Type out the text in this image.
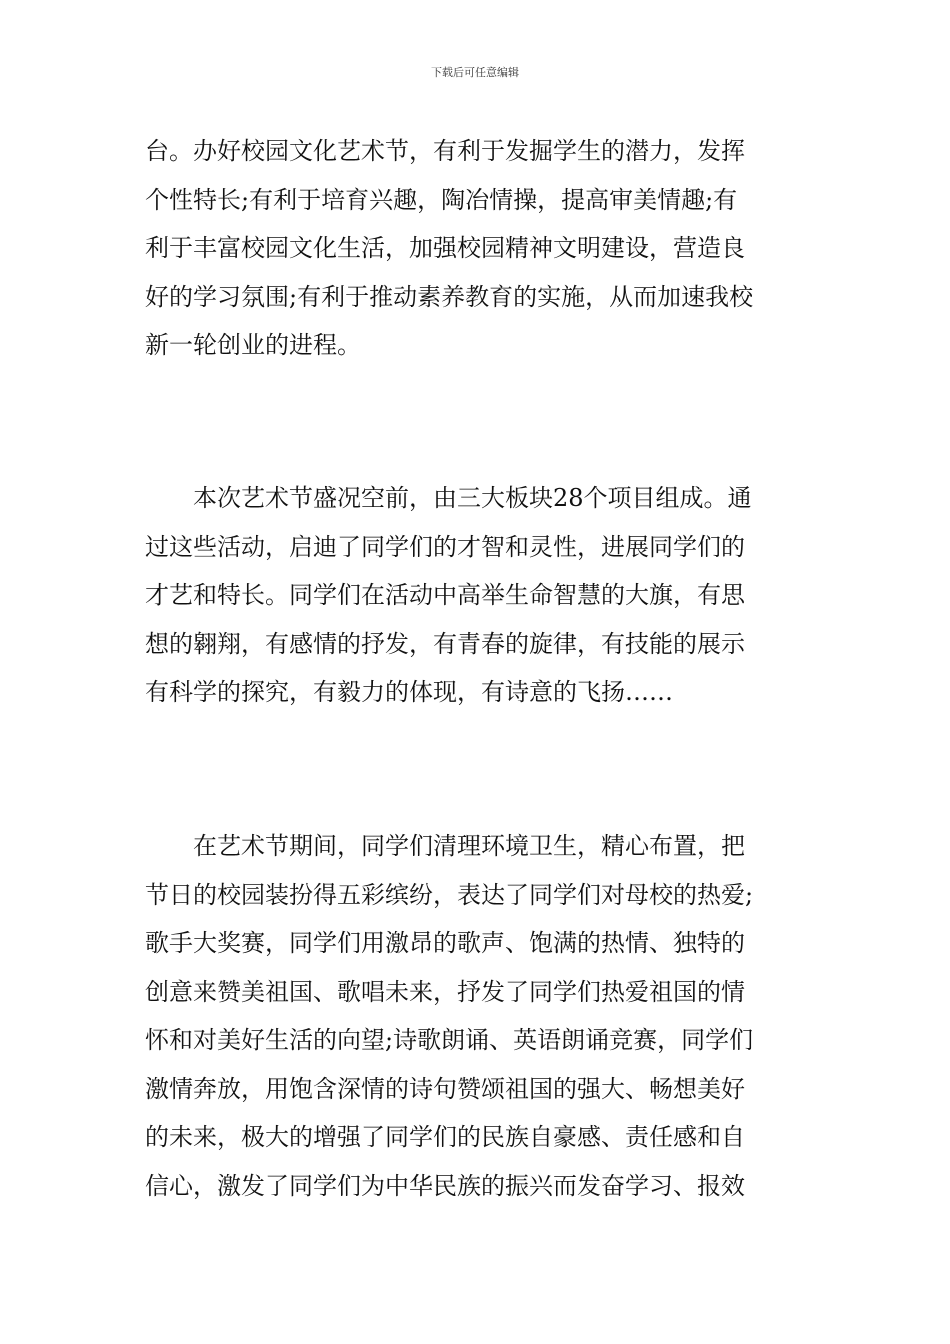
下载后可任意编辑
台。办好校园文化艺术节，有利于发掘学生的潜力，发挥
个性特长;有利于培育兴趣，陶冶情操，提高审美情趣;有
利于丰富校园文化生活，加强校园精神文明建设，营造良
好的学习氛围;有利于推动素养教育的实施，从而加速我校
新一轮创业的进程。
　　本次艺术节盛况空前，由三大板块28个项目组成。通
过这些活动，启迪了同学们的才智和灵性，进展同学们的
才艺和特长。同学们在活动中高举生命智慧的大旗，有思
想的翱翔，有感情的抒发，有青春的旋律，有技能的展示
有科学的探究，有毅力的体现，有诗意的飞扬……
　　在艺术节期间，同学们清理环境卫生，精心布置，把
节日的校园装扮得五彩缤纷，表达了同学们对母校的热爱;
歌手大奖赛，同学们用激昂的歌声、饱满的热情、独特的
创意来赞美祖国、歌唱未来，抒发了同学们热爱祖国的情
怀和对美好生活的向望;诗歌朗诵、英语朗诵竞赛，同学们
激情奔放，用饱含深情的诗句赞颂祖国的强大、畅想美好
的未来，极大的增强了同学们的民族自豪感、责任感和自
信心，激发了同学们为中华民族的振兴而发奋学习、报效
